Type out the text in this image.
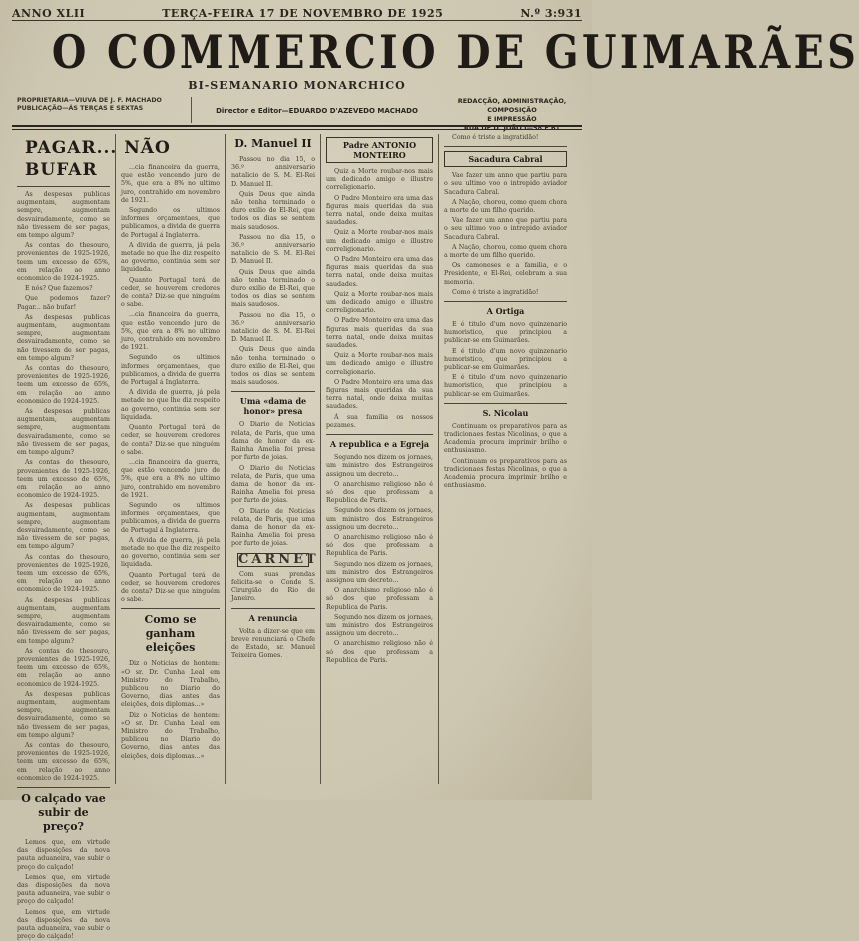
ANNO XLII	TERÇA-FEIRA 17 DE NOVEMBRO DE 1925	N.º 3:931
O COMMERCIO DE GUIMARÃES
BI-SEMANARIO MONARCHICO
PROPRIETARIA—VIUVA DE J. F. MACHADO
PUBLICAÇÃO—ÁS TERÇAS E SEXTAS	Director e Editor—EDUARDO D'AZEVEDO MACHADO
REDACÇÃO, ADMINISTRAÇÃO, COMPOSIÇÃO
E IMPRESSÃO
RUA DE D. JOÃO I—58 E 61
PAGAR... NÃO BUFAR

As despesas publicas augmentam, augmentam sempre, augmentam desvairadamente, como se não tivessem de ser pagas, em tempo algum?

As contas do thesouro, provenientes de 1925-1926, teem um excesso de 65%, em relação ao anno economico de 1924-1925.

E nós? Que fazemos?

Que podemos fazer? Pagar... não bufar!

As despesas publicas augmentam, augmentam sempre, augmentam desvairadamente, como se não tivessem de ser pagas, em tempo algum?

As contas do thesouro, provenientes de 1925-1926, teem um excesso de 65%, em relação ao anno economico de 1924-1925.

As despesas publicas augmentam, augmentam sempre, augmentam desvairadamente, como se não tivessem de ser pagas, em tempo algum?

As contas do thesouro, provenientes de 1925-1926, teem um excesso de 65%, em relação ao anno economico de 1924-1925.

As despesas publicas augmentam, augmentam sempre, augmentam desvairadamente, como se não tivessem de ser pagas, em tempo algum?

As contas do thesouro, provenientes de 1925-1926, teem um excesso de 65%, em relação ao anno economico de 1924-1925.

As despesas publicas augmentam, augmentam sempre, augmentam desvairadamente, como se não tivessem de ser pagas, em tempo algum?

As contas do thesouro, provenientes de 1925-1926, teem um excesso de 65%, em relação ao anno economico de 1924-1925.

As despesas publicas augmentam, augmentam sempre, augmentam desvairadamente, como se não tivessem de ser pagas, em tempo algum?

As contas do thesouro, provenientes de 1925-1926, teem um excesso de 65%, em relação ao anno economico de 1924-1925.

O calçado vae subir de preço?

Lemos que, em virtude das disposições da nova pauta aduaneira, vae subir o preço do calçado!

Lemos que, em virtude das disposições da nova pauta aduaneira, vae subir o preço do calçado!

Lemos que, em virtude das disposições da nova pauta aduaneira, vae subir o preço do calçado!

...cia financeira da guerra, que estão vencendo juro de 5%, que era a 8% no ultimo juro, contrahido em novembro de 1921.

Segundo os ultimos informes orçamentaes, que publicamos, a divida de guerra de Portugal á Inglaterra.

A divida de guerra, já pela metade no que lhe diz respeito ao governo, continúa sem ser liquidada.

Quanto Portugal terá de ceder, se houverem credores de conta? Diz-se que ninguém o sabe.

...cia financeira da guerra, que estão vencendo juro de 5%, que era a 8% no ultimo juro, contrahido em novembro de 1921.

Segundo os ultimos informes orçamentaes, que publicamos, a divida de guerra de Portugal á Inglaterra.

A divida de guerra, já pela metade no que lhe diz respeito ao governo, continúa sem ser liquidada.

Quanto Portugal terá de ceder, se houverem credores de conta? Diz-se que ninguém o sabe.

...cia financeira da guerra, que estão vencendo juro de 5%, que era a 8% no ultimo juro, contrahido em novembro de 1921.

Segundo os ultimos informes orçamentaes, que publicamos, a divida de guerra de Portugal á Inglaterra.

A divida de guerra, já pela metade no que lhe diz respeito ao governo, continúa sem ser liquidada.

Quanto Portugal terá de ceder, se houverem credores de conta? Diz-se que ninguém o sabe.

Como se ganham eleições

Diz o Noticias de hontem: «O sr. Dr. Cunha Leal em Ministro do Trabalho, publicou no Diario do Governo, dias antes das eleições, dois diplomas...»

Diz o Noticias de hontem: «O sr. Dr. Cunha Leal em Ministro do Trabalho, publicou no Diario do Governo, dias antes das eleições, dois diplomas...»

D. Manuel II

Passou no dia 15, o 36.º anniversario natalicio de S. M. El-Rei D. Manuel II.

Quis Deus que ainda não tenha terminado o duro exilio de El-Rei, que todos os dias se sentem mais saudosos.

Passou no dia 15, o 36.º anniversario natalicio de S. M. El-Rei D. Manuel II.

Quis Deus que ainda não tenha terminado o duro exilio de El-Rei, que todos os dias se sentem mais saudosos.

Passou no dia 15, o 36.º anniversario natalicio de S. M. El-Rei D. Manuel II.

Quis Deus que ainda não tenha terminado o duro exilio de El-Rei, que todos os dias se sentem mais saudosos.

Uma «dama de honor» presa

O Diario de Noticias relata, de Paris, que uma dama de honor da ex-Rainha Amelia foi presa por furto de joias.

O Diario de Noticias relata, de Paris, que uma dama de honor da ex-Rainha Amelia foi presa por furto de joias.

O Diario de Noticias relata, de Paris, que uma dama de honor da ex-Rainha Amelia foi presa por furto de joias.

CARNET

Com suas prendas felicita-se o Conde S. Cirurgião do Rio de Janeiro.

A renuncia

Volta a dizer-se que em breve renunciará o Chefe de Estado, sr. Manuel Teixeira Gomes.

Padre ANTONIO MONTEIRO

Quiz a Morte roubar-nos mais um dedicado amigo e illustre correligionario.

O Padre Monteiro era uma das figuras mais queridas da sua terra natal, onde deixa muitas saudades.

Quiz a Morte roubar-nos mais um dedicado amigo e illustre correligionario.

O Padre Monteiro era uma das figuras mais queridas da sua terra natal, onde deixa muitas saudades.

Quiz a Morte roubar-nos mais um dedicado amigo e illustre correligionario.

O Padre Monteiro era uma das figuras mais queridas da sua terra natal, onde deixa muitas saudades.

Quiz a Morte roubar-nos mais um dedicado amigo e illustre correligionario.

O Padre Monteiro era uma das figuras mais queridas da sua terra natal, onde deixa muitas saudades.

Á sua familia os nossos pezames.

A republica e a Egreja

Segundo nos dizem os jornaes, um ministro dos Estrangeiros assignou um decreto...

O anarchismo religioso não é só dos que professam a Republica de Paris.

Segundo nos dizem os jornaes, um ministro dos Estrangeiros assignou um decreto...

O anarchismo religioso não é só dos que professam a Republica de Paris.

Segundo nos dizem os jornaes, um ministro dos Estrangeiros assignou um decreto...

O anarchismo religioso não é só dos que professam a Republica de Paris.

Segundo nos dizem os jornaes, um ministro dos Estrangeiros assignou um decreto...

O anarchismo religioso não é só dos que professam a Republica de Paris.

Como é triste a ingratidão!

Sacadura Cabral

Vae fazer um anno que partiu para o seu ultimo voo o intrepido aviador Sacadura Cabral.

A Nação, chorou, como quem chora a morte de um filho querido.

Vae fazer um anno que partiu para o seu ultimo voo o intrepido aviador Sacadura Cabral.

A Nação, chorou, como quem chora a morte de um filho querido.

Os camoneses e a familia, e o Presidente, e El-Rei, celebram a sua memoria.

Como é triste a ingratidão!

A Ortiga

E é titulo d'um novo quinzenario humoristico, que principiou a publicar-se em Guimarães.

E é titulo d'um novo quinzenario humoristico, que principiou a publicar-se em Guimarães.

E é titulo d'um novo quinzenario humoristico, que principiou a publicar-se em Guimarães.

S. Nicolau

Continuam os preparativos para as tradicionaes festas Nicolinas, o que a Academia procura imprimir brilho e enthusiasmo.

Continuam os preparativos para as tradicionaes festas Nicolinas, o que a Academia procura imprimir brilho e enthusiasmo.
